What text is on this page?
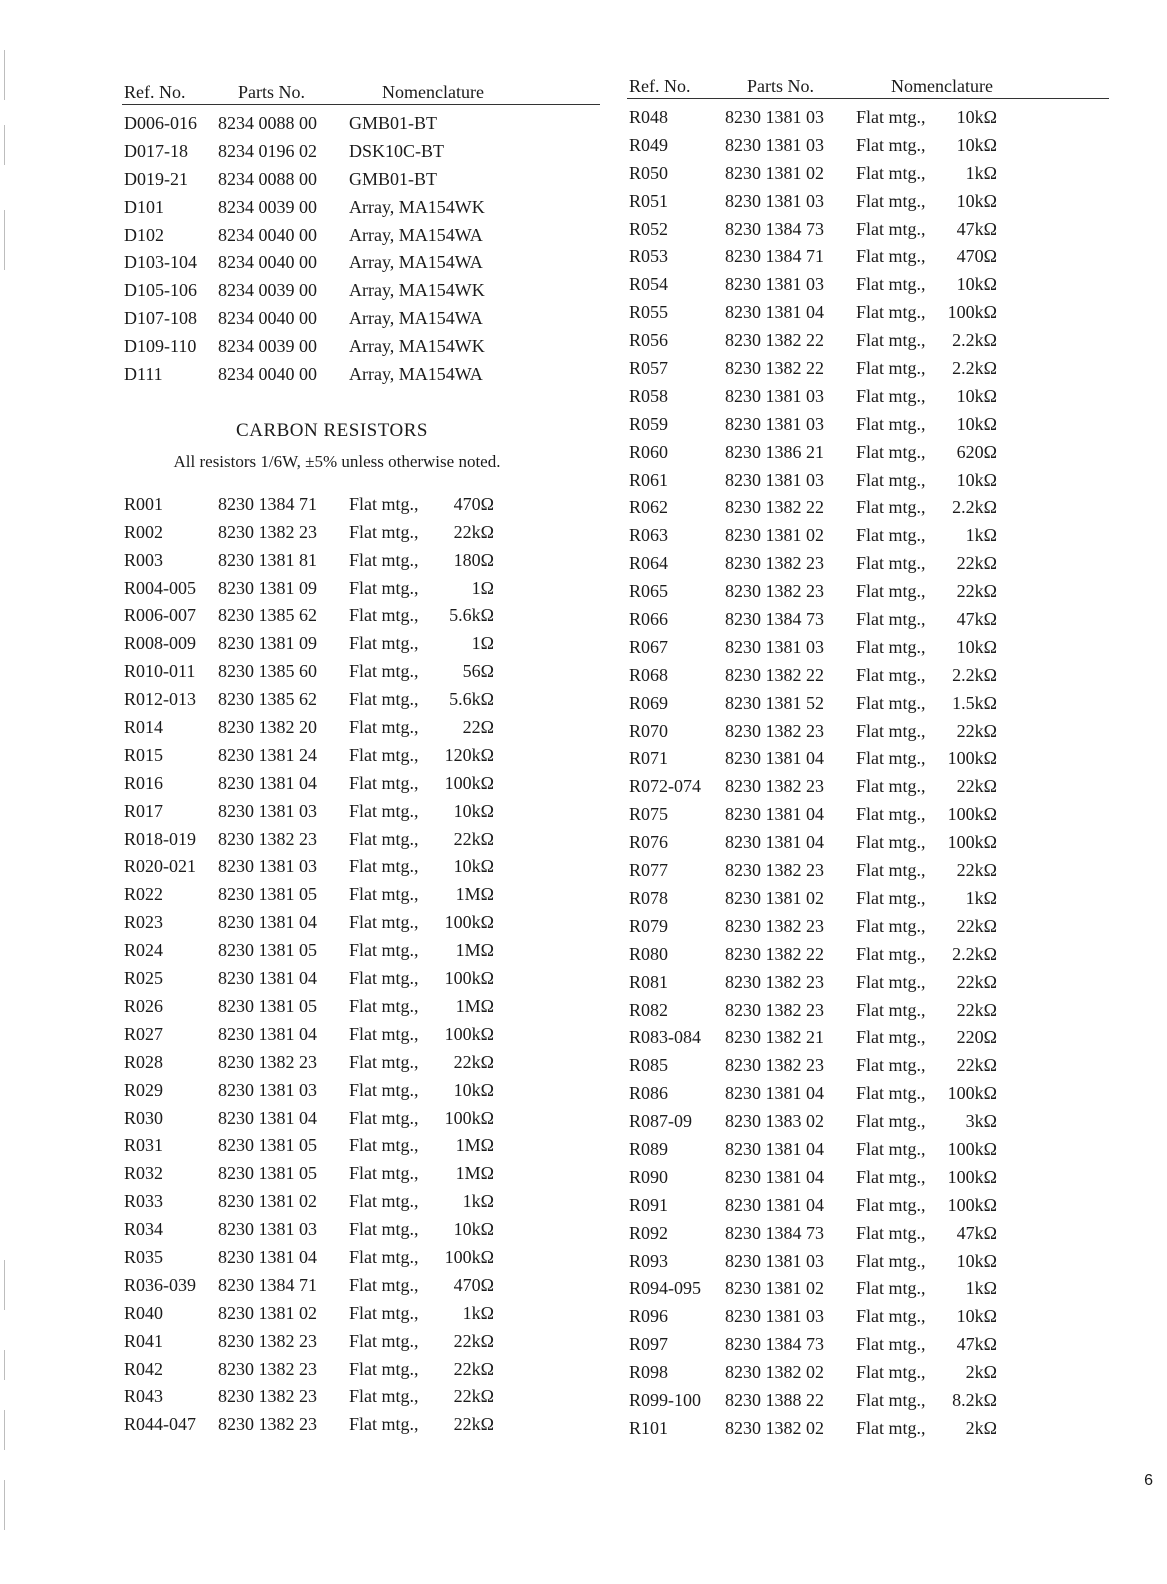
Ref. No.	Parts No.	Nomenclature
D006-016 8234 0088 00 GMB01-BT
D017-18 8234 0196 02 DSK10C-BT
D019-21 8234 0088 00 GMB01-BT
D101	8234 0039 00 Array, MA154WK
D102	8234 0040 00 Array, MA154WA
D103-104 8234 0040 00 Array, MA154WA
D105-106 8234 0039 00 Array, MA154WK
D107-108 8234 0040 00 Array, MA154WA
D109-110 8234 0039 00 Array, MA154WK
D111	8234 0040 00 Array, MA154WA
CARBON RESISTORS
All resistors 1/6W, ±5% unless otherwise noted.
R001	8230 1384 71 Flat mtg.,	470Ω
R002	8230 1382 23 Flat mtg.,	22kΩ
R003	8230 1381 81 Flat mtg.,	180Ω
R004-005 8230 1381 09 Flat mtg.,	1Ω
R006-007 8230 1385 62 Flat mtg.,	5.6kΩ
R008-009 8230 1381 09 Flat mtg.,	1Ω
R010-011 8230 1385 60 Flat mtg.,	56Ω
R012-013 8230 1385 62 Flat mtg.,	5.6kΩ
R014	8230 1382 20 Flat mtg.,	22Ω
R015	8230 1381 24 Flat mtg.,	120kΩ
R016	8230 1381 04 Flat mtg.,	100kΩ
R017	8230 1381 03 Flat mtg.,	10kΩ
R018-019 8230 1382 23 Flat mtg.,	22kΩ
R020-021 8230 1381 03 Flat mtg.,	10kΩ
R022	8230 1381 05 Flat mtg.,	1MΩ
R023	8230 1381 04 Flat mtg.,	100kΩ
R024	8230 1381 05 Flat mtg.,	1MΩ
R025	8230 1381 04 Flat mtg.,	100kΩ
R026	8230 1381 05 Flat mtg.,	1MΩ
R027	8230 1381 04 Flat mtg.,	100kΩ
R028	8230 1382 23 Flat mtg.,	22kΩ
R029	8230 1381 03 Flat mtg.,	10kΩ
R030	8230 1381 04 Flat mtg.,	100kΩ
R031	8230 1381 05 Flat mtg.,	1MΩ
R032	8230 1381 05 Flat mtg.,	1MΩ
R033	8230 1381 02 Flat mtg.,	1kΩ
R034	8230 1381 03 Flat mtg.,	10kΩ
R035	8230 1381 04 Flat mtg.,	100kΩ
R036-039 8230 1384 71 Flat mtg.,	470Ω
R040	8230 1381 02 Flat mtg.,	1kΩ
R041	8230 1382 23 Flat mtg.,	22kΩ
R042	8230 1382 23 Flat mtg.,	22kΩ
R043	8230 1382 23 Flat mtg.,	22kΩ
R044-047 8230 1382 23 Flat mtg.,	22kΩ
Ref. No.	Parts No.	Nomenclature
R048	8230 1381 03 Flat mtg.,	10kΩ
R049	8230 1381 03 Flat mtg.,	10kΩ
R050	8230 1381 02 Flat mtg.,	1kΩ
R051	8230 1381 03 Flat mtg.,	10kΩ
R052	8230 1384 73 Flat mtg.,	47kΩ
R053	8230 1384 71 Flat mtg.,	470Ω
R054	8230 1381 03 Flat mtg.,	10kΩ
R055	8230 1381 04 Flat mtg.,	100kΩ
R056	8230 1382 22 Flat mtg.,	2.2kΩ
R057	8230 1382 22 Flat mtg.,	2.2kΩ
R058	8230 1381 03 Flat mtg.,	10kΩ
R059	8230 1381 03 Flat mtg.,	10kΩ
R060	8230 1386 21 Flat mtg.,	620Ω
R061	8230 1381 03 Flat mtg.,	10kΩ
R062	8230 1382 22 Flat mtg.,	2.2kΩ
R063	8230 1381 02 Flat mtg.,	1kΩ
R064	8230 1382 23 Flat mtg.,	22kΩ
R065	8230 1382 23 Flat mtg.,	22kΩ
R066	8230 1384 73 Flat mtg.,	47kΩ
R067	8230 1381 03 Flat mtg.,	10kΩ
R068	8230 1382 22 Flat mtg.,	2.2kΩ
R069	8230 1381 52 Flat mtg.,	1.5kΩ
R070	8230 1382 23 Flat mtg.,	22kΩ
R071	8230 1381 04 Flat mtg.,	100kΩ
R072-074 8230 1382 23 Flat mtg.,	22kΩ
R075	8230 1381 04 Flat mtg.,	100kΩ
R076	8230 1381 04 Flat mtg.,	100kΩ
R077	8230 1382 23 Flat mtg.,	22kΩ
R078	8230 1381 02 Flat mtg.,	1kΩ
R079	8230 1382 23 Flat mtg.,	22kΩ
R080	8230 1382 22 Flat mtg.,	2.2kΩ
R081	8230 1382 23 Flat mtg.,	22kΩ
R082	8230 1382 23 Flat mtg.,	22kΩ
R083-084 8230 1382 21 Flat mtg.,	220Ω
R085	8230 1382 23 Flat mtg.,	22kΩ
R086	8230 1381 04 Flat mtg.,	100kΩ
R087-09 8230 1383 02 Flat mtg.,	3kΩ
R089	8230 1381 04 Flat mtg.,	100kΩ
R090	8230 1381 04 Flat mtg.,	100kΩ
R091	8230 1381 04 Flat mtg.,	100kΩ
R092	8230 1384 73 Flat mtg.,	47kΩ
R093	8230 1381 03 Flat mtg.,	10kΩ
R094-095 8230 1381 02 Flat mtg.,	1kΩ
R096	8230 1381 03 Flat mtg.,	10kΩ
R097	8230 1384 73 Flat mtg.,	47kΩ
R098	8230 1382 02 Flat mtg.,	2kΩ
R099-100 8230 1388 22 Flat mtg.,	8.2kΩ
R101	8230 1382 02 Flat mtg.,	2kΩ
6
